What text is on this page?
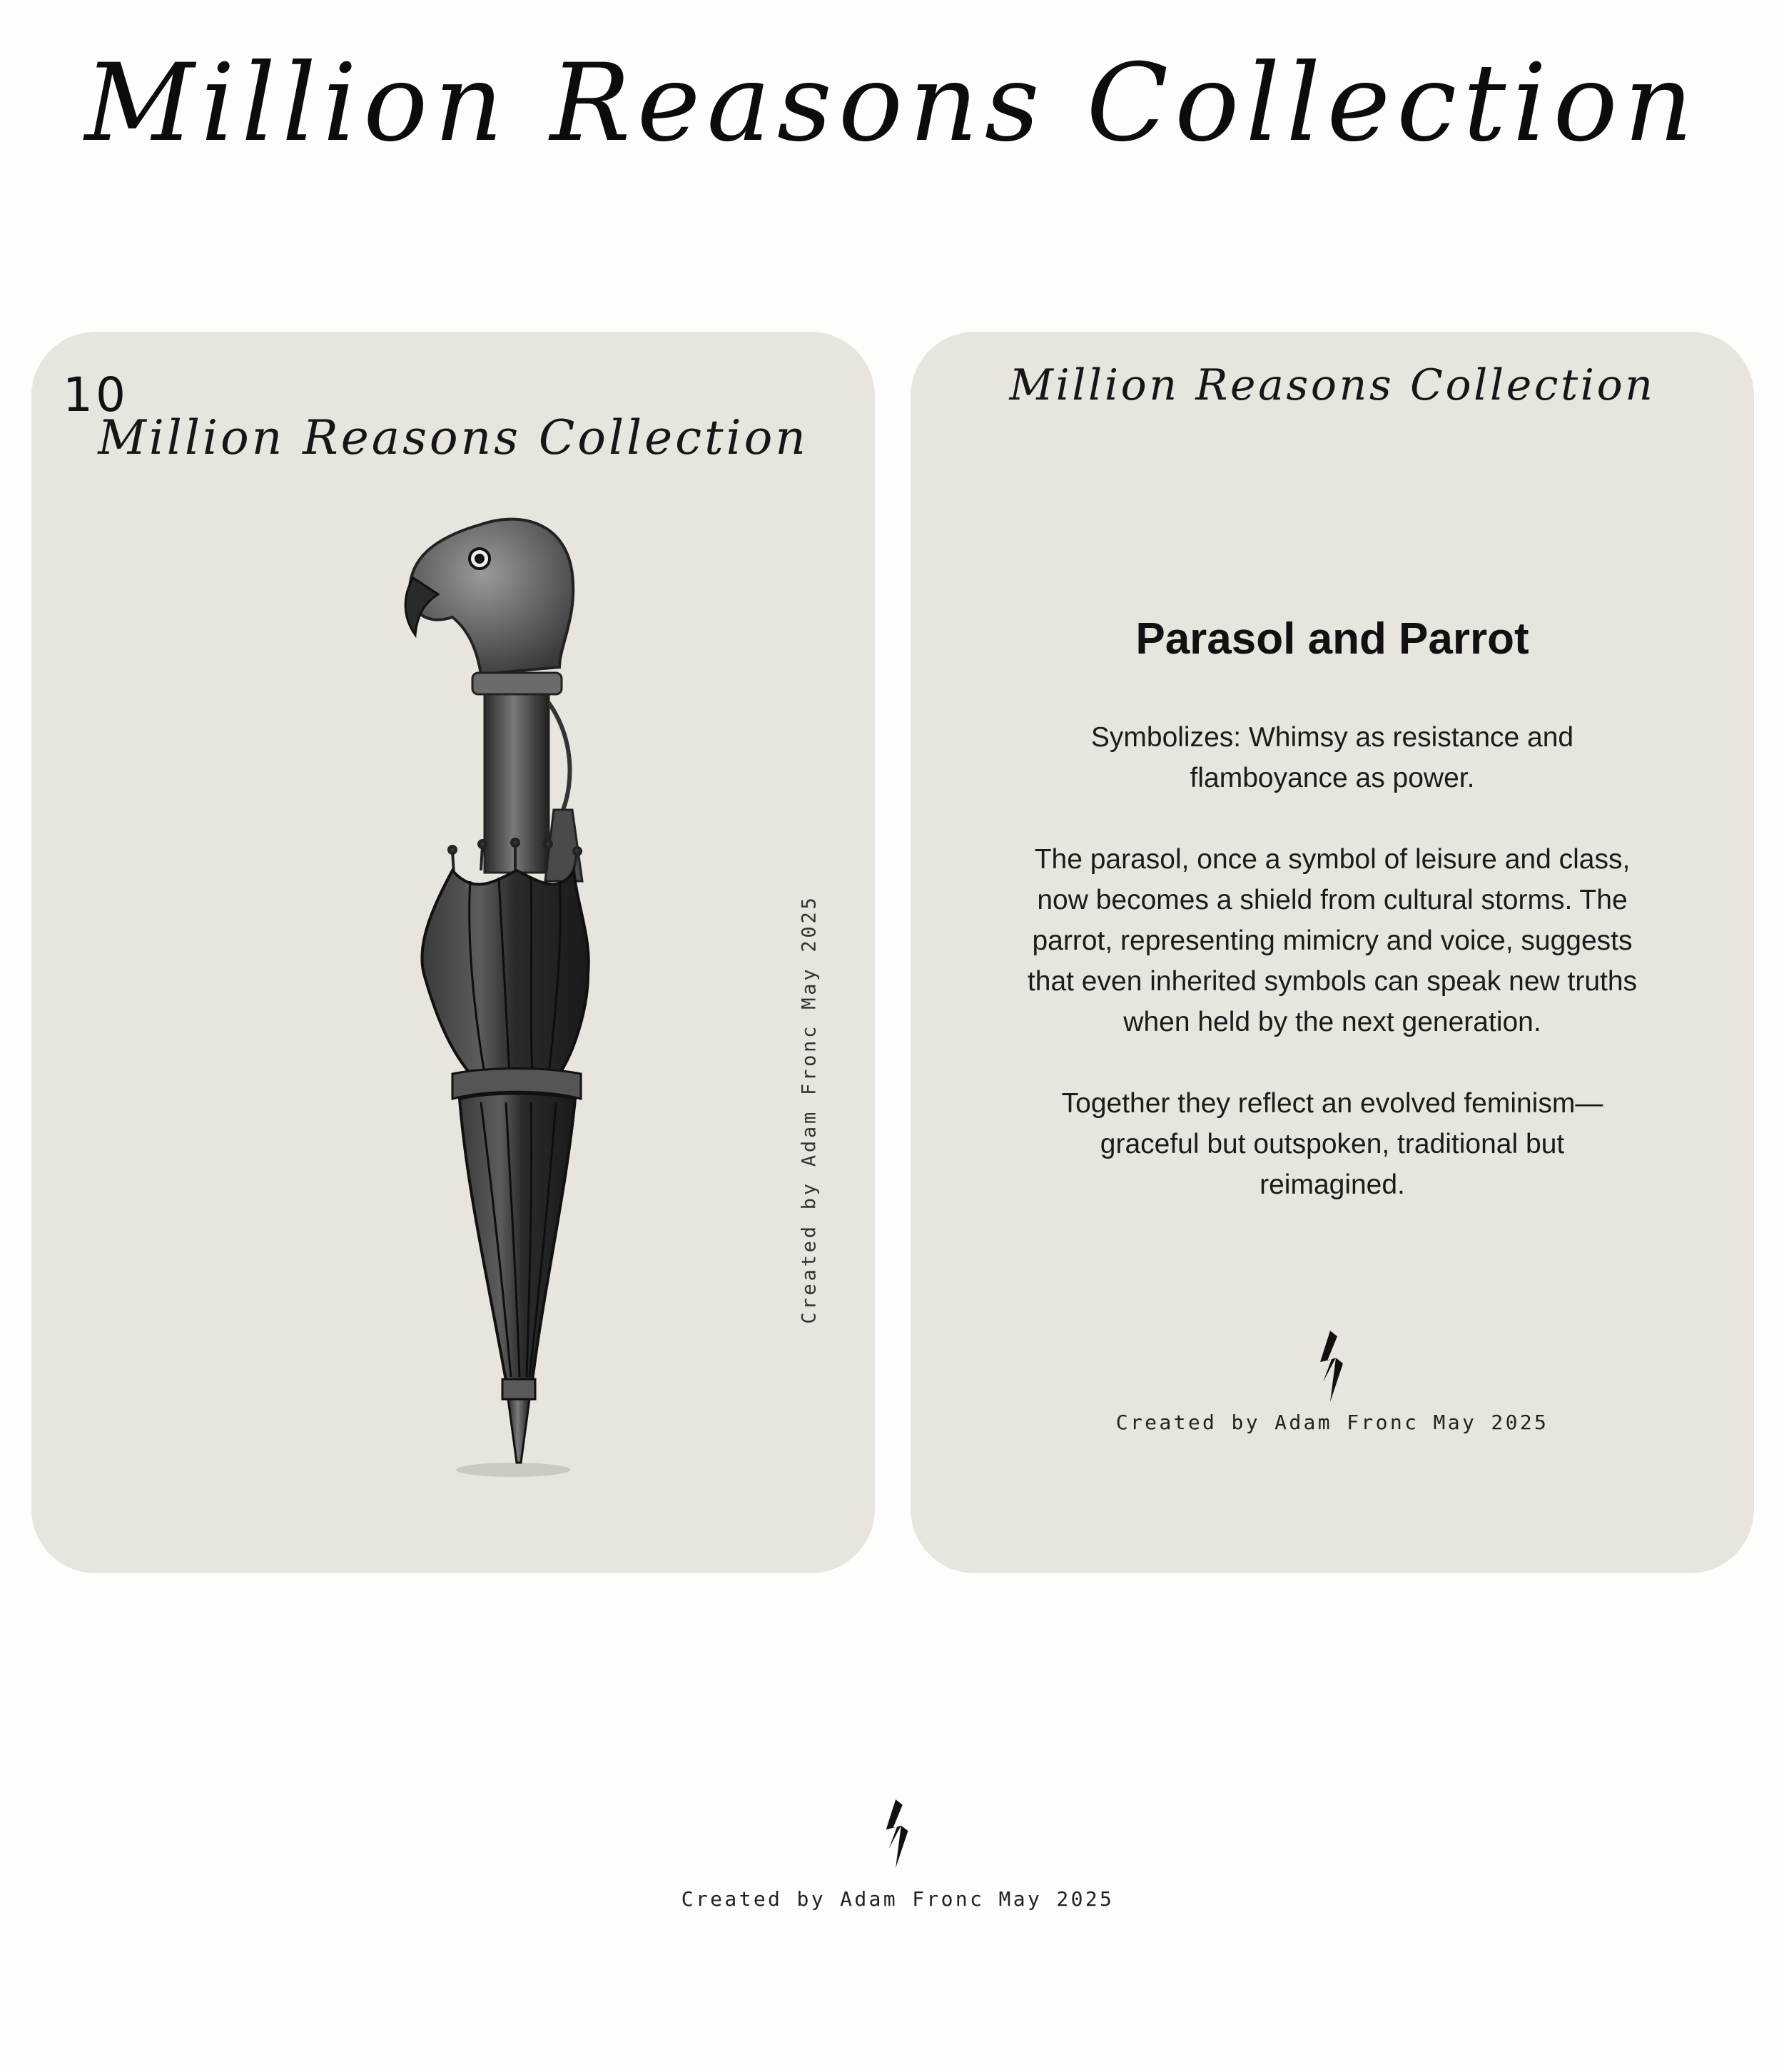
Million Reasons Collection
10
Million Reasons Collection
Created by Adam Fronc May 2025
Million Reasons Collection
Parasol and Parrot

Symbolizes: Whimsy as resistance and flamboyance as power.

The parasol, once a symbol of leisure and class, now becomes a shield from cultural storms. The parrot, representing mimicry and voice, suggests that even inherited symbols can speak new truths when held by the next generation.

Together they reflect an evolved feminism—graceful but outspoken, traditional but reimagined.

Created by Adam Fronc May 2025
Created by Adam Fronc May 2025
